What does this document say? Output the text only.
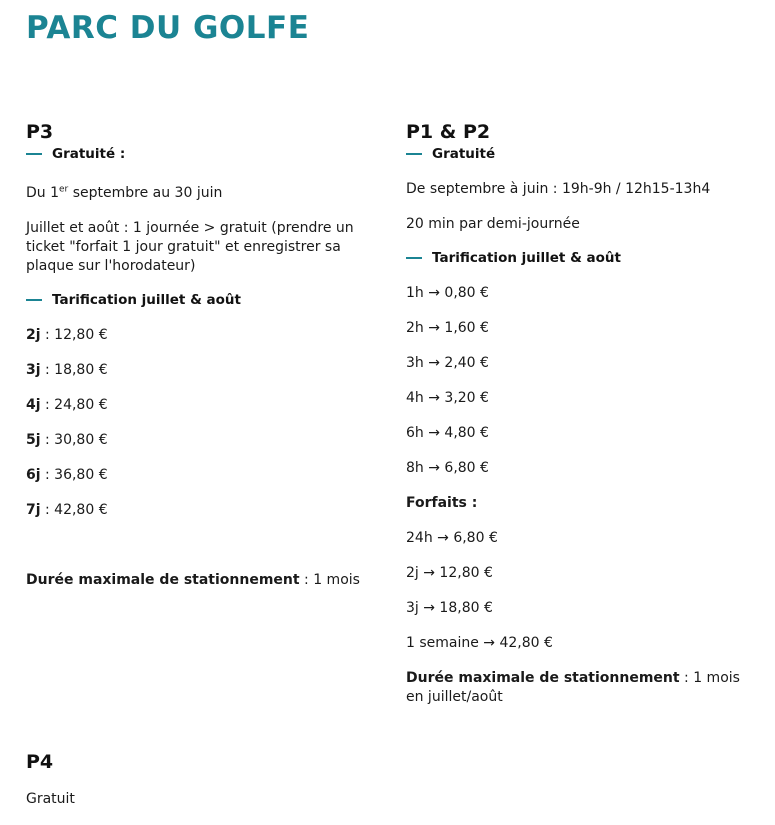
PARC DU GOLFE
P3
Gratuité :

Du 1er septembre au 30 juin

Juillet et août : 1 journée > gratuit (prendre un ticket "forfait 1 jour gratuit" et enregistrer sa plaque sur l'horodateur)

Tarification juillet & août

2j : 12,80 €

3j : 18,80 €

4j : 24,80 €

5j : 30,80 €

6j : 36,80 €

7j : 42,80 €

Durée maximale de stationnement : 1 mois

P1 & P2
Gratuité

De septembre à juin : 19h-9h / 12h15-13h4

20 min par demi-journée

Tarification juillet & août

1h → 0,80 €

2h → 1,60 €

3h → 2,40 €

4h → 3,20 €

6h → 4,80 €

8h → 6,80 €

Forfaits :

24h → 6,80 €

2j → 12,80 €

3j → 18,80 €

1 semaine → 42,80 €

Durée maximale de stationnement : 1 mois en juillet/août

P4

Gratuit
